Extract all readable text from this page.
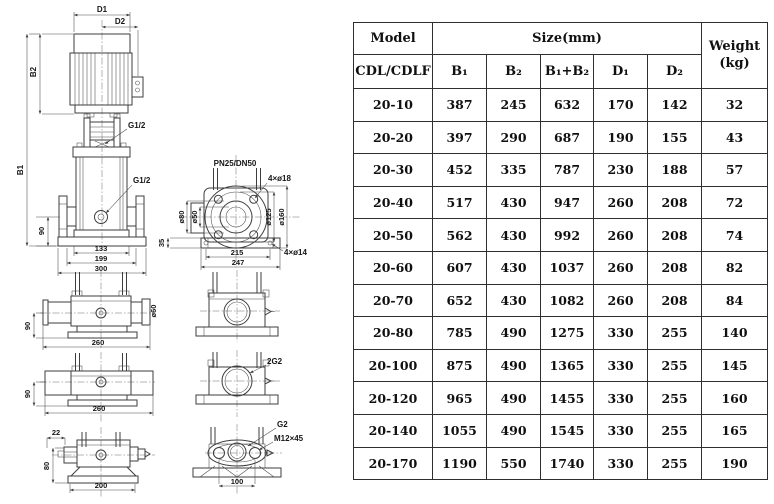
D1
D2
B2
B1
G1/2
G1/2
90
133
199
300
PN25/DN50
4×ø18
ø80 ø50	ø125 ø160
35
215
247
4×ø14
ø60
90
260
90
260
22
80
200
2G2
G2
M12×45
100
Model	Size(mm)					Weight
(kg)

CDL/CDLF	B₁	B₂	B₁+B₂	D₁	D₂	
20-10	387	245	632	170	142	32
20-20	397	290	687	190	155	43
20-30	452	335	787	230	188	57
20-40	517	430	947	260	208	72
20-50	562	430	992	260	208	74
20-60	607	430	1037	260	208	82
20-70	652	430	1082	260	208	84
20-80	785	490	1275	330	255	140
20-100	875	490	1365	330	255	145
20-120	965	490	1455	330	255	160
20-140	1055	490	1545	330	255	165
20-170	1190	550	1740	330	255	190
